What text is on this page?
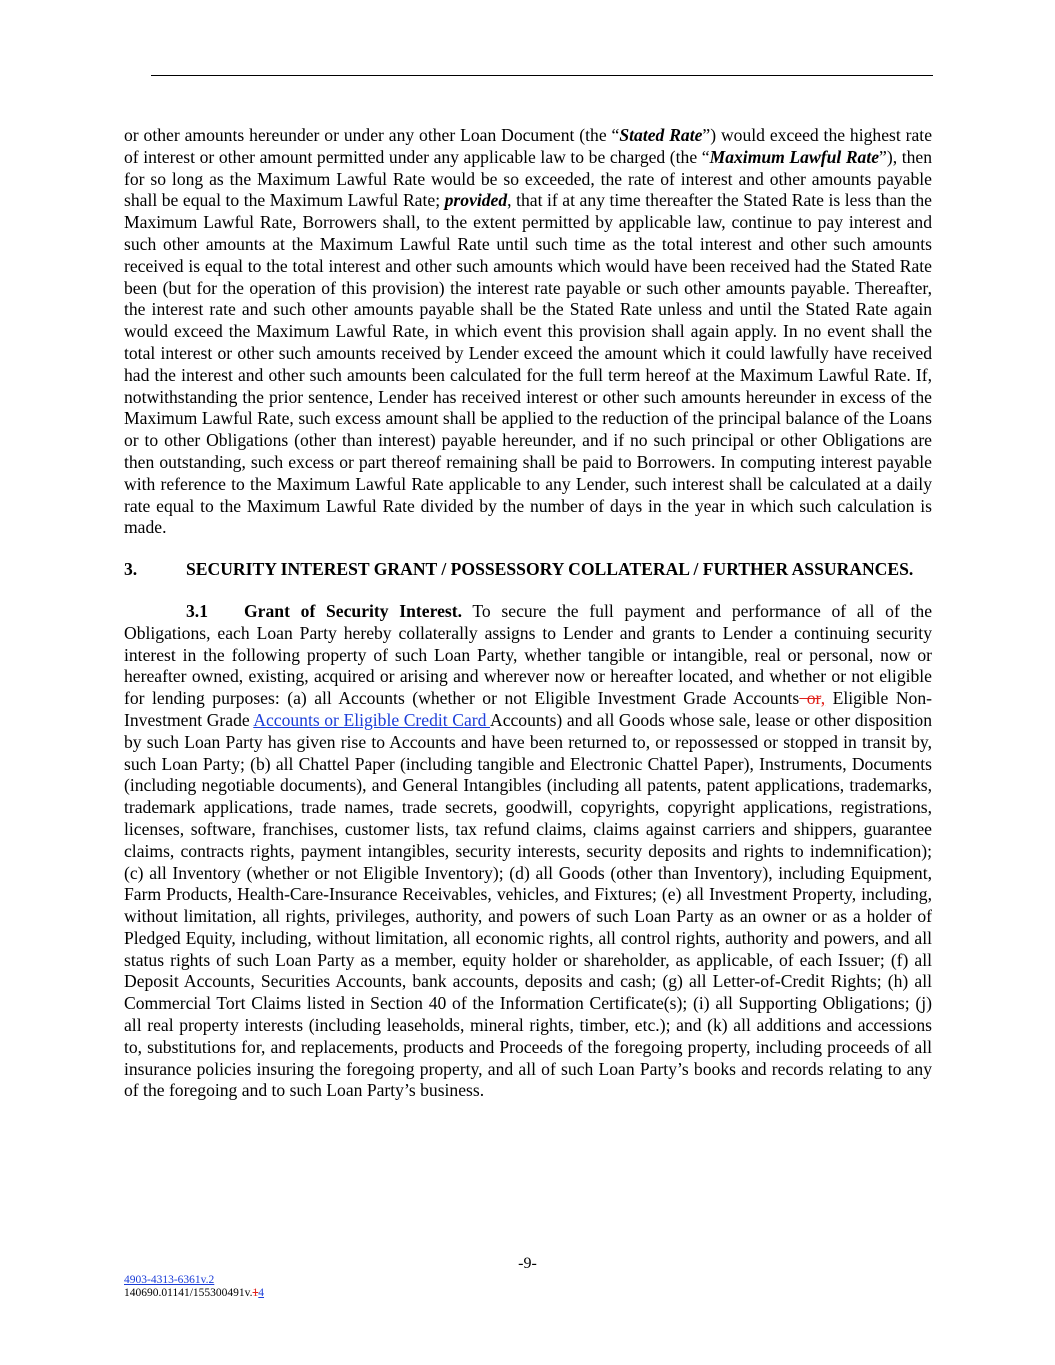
or other amounts hereunder or under any other Loan Document (the “Stated Rate”) would exceed the highest rate of interest or other amount permitted under any applicable law to be charged (the “Maximum Lawful Rate”), then for so long as the Maximum Lawful Rate would be so exceeded, the rate of interest and other amounts payable shall be equal to the Maximum Lawful Rate; provided, that if at any time thereafter the Stated Rate is less than the Maximum Lawful Rate, Borrowers shall, to the extent permitted by applicable law, continue to pay interest and such other amounts at the Maximum Lawful Rate until such time as the total interest and other such amounts received is equal to the total interest and other such amounts which would have been received had the Stated Rate been (but for the operation of this provision) the interest rate payable or such other amounts payable. Thereafter, the interest rate and such other amounts payable shall be the Stated Rate unless and until the Stated Rate again would exceed the Maximum Lawful Rate, in which event this provision shall again apply. In no event shall the total interest or other such amounts received by Lender exceed the amount which it could lawfully have received had the interest and other such amounts been calculated for the full term hereof at the Maximum Lawful Rate. If, notwithstanding the prior sentence, Lender has received interest or other such amounts hereunder in excess of the Maximum Lawful Rate, such excess amount shall be applied to the reduction of the principal balance of the Loans or to other Obligations (other than interest) payable hereunder, and if no such principal or other Obligations are then outstanding, such excess or part thereof remaining shall be paid to Borrowers. In computing interest payable with reference to the Maximum Lawful Rate applicable to any Lender, such interest shall be calculated at a daily rate equal to the Maximum Lawful Rate divided by the number of days in the year in which such calculation is made.

3.	SECURITY INTEREST GRANT / POSSESSORY COLLATERAL / FURTHER ASSURANCES.

3.1 Grant of Security Interest. To secure the full payment and performance of all of the Obligations, each Loan Party hereby collaterally assigns to Lender and grants to Lender a continuing security interest in the following property of such Loan Party, whether tangible or intangible, real or personal, now or hereafter owned, existing, acquired or arising and wherever now or hereafter located, and whether or not eligible for lending purposes: (a) all Accounts (whether or not Eligible Investment Grade Accounts or, Eligible Non-Investment Grade Accounts or Eligible Credit Card Accounts) and all Goods whose sale, lease or other disposition by such Loan Party has given rise to Accounts and have been returned to, or repossessed or stopped in transit by, such Loan Party; (b) all Chattel Paper (including tangible and Electronic Chattel Paper), Instruments, Documents (including negotiable documents), and General Intangibles (including all patents, patent applications, trademarks, trademark applications, trade names, trade secrets, goodwill, copyrights, copyright applications, registrations, licenses, software, franchises, customer lists, tax refund claims, claims against carriers and shippers, guarantee claims, contracts rights, payment intangibles, security interests, security deposits and rights to indemnification); (c) all Inventory (whether or not Eligible Inventory); (d) all Goods (other than Inventory), including Equipment, Farm Products, Health-Care-Insurance Receivables, vehicles, and Fixtures; (e) all Investment Property, including, without limitation, all rights, privileges, authority, and powers of such Loan Party as an owner or as a holder of Pledged Equity, including, without limitation, all economic rights, all control rights, authority and powers, and all status rights of such Loan Party as a member, equity holder or shareholder, as applicable, of each Issuer; (f) all Deposit Accounts, Securities Accounts, bank accounts, deposits and cash; (g) all Letter-of-Credit Rights; (h) all Commercial Tort Claims listed in Section 40 of the Information Certificate(s); (i) all Supporting Obligations; (j) all real property interests (including leaseholds, mineral rights, timber, etc.); and (k) all additions and accessions to, substitutions for, and replacements, products and Proceeds of the foregoing property, including proceeds of all insurance policies insuring the foregoing property, and all of such Loan Party’s books and records relating to any of the foregoing and to such Loan Party’s business.

-9-
4903-4313-6361v.2
140690.01141/155300491v.14
